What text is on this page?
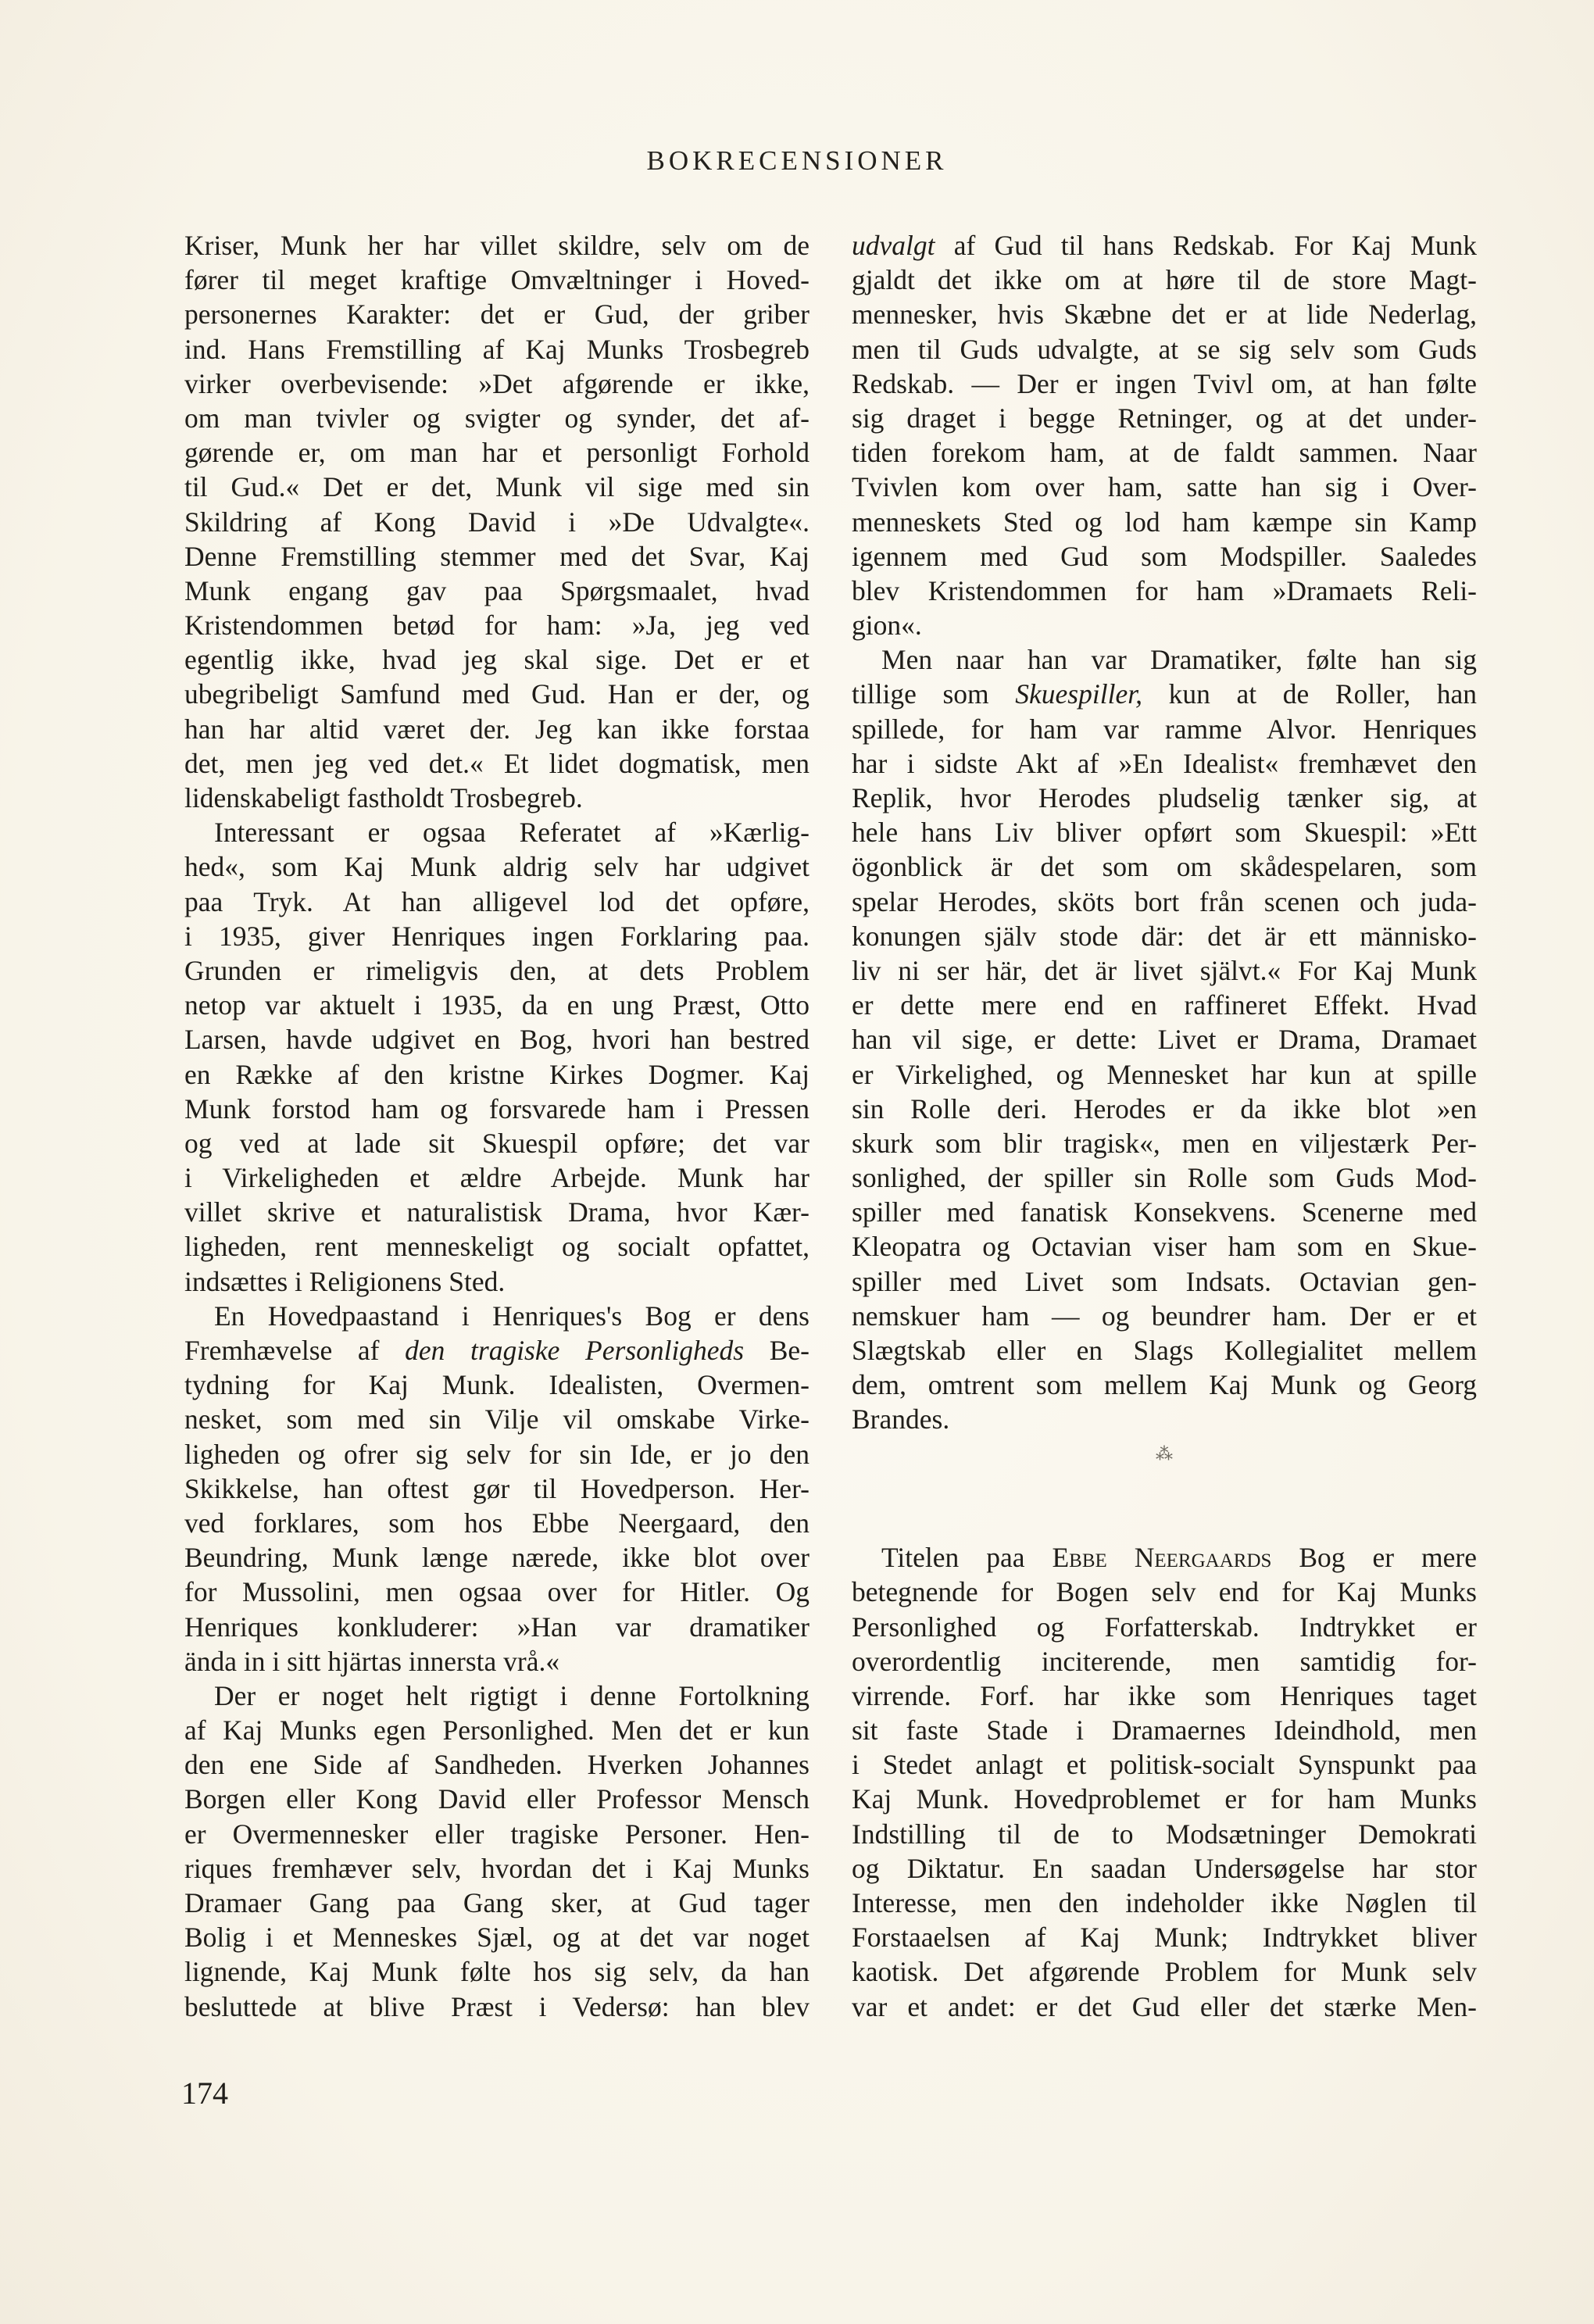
BOKRECENSIONER
Kriser, Munk her har villet skildre, selv om de
fører til meget kraftige Omvæltninger i Hoved-
personernes Karakter: det er Gud, der griber
ind. Hans Fremstilling af Kaj Munks Trosbegreb
virker overbevisende: »Det afgørende er ikke,
om man tvivler og svigter og synder, det af-
gørende er, om man har et personligt Forhold
til Gud.« Det er det, Munk vil sige med sin
Skildring af Kong David i »De Udvalgte«.
Denne Fremstilling stemmer med det Svar, Kaj
Munk engang gav paa Spørgsmaalet, hvad
Kristendommen betød for ham: »Ja, jeg ved
egentlig ikke, hvad jeg skal sige. Det er et
ubegribeligt Samfund med Gud. Han er der, og
han har altid været der. Jeg kan ikke forstaa
det, men jeg ved det.« Et lidet dogmatisk, men
lidenskabeligt fastholdt Trosbegreb.
Interessant er ogsaa Referatet af »Kærlig-
hed«, som Kaj Munk aldrig selv har udgivet
paa Tryk. At han alligevel lod det opføre,
i 1935, giver Henriques ingen Forklaring paa.
Grunden er rimeligvis den, at dets Problem
netop var aktuelt i 1935, da en ung Præst, Otto
Larsen, havde udgivet en Bog, hvori han bestred
en Række af den kristne Kirkes Dogmer. Kaj
Munk forstod ham og forsvarede ham i Pressen
og ved at lade sit Skuespil opføre; det var
i Virkeligheden et ældre Arbejde. Munk har
villet skrive et naturalistisk Drama, hvor Kær-
ligheden, rent menneskeligt og socialt opfattet,
indsættes i Religionens Sted.
En Hovedpaastand i Henriques's Bog er dens
Fremhævelse af den tragiske Personligheds Be-
tydning for Kaj Munk. Idealisten, Overmen-
nesket, som med sin Vilje vil omskabe Virke-
ligheden og ofrer sig selv for sin Ide, er jo den
Skikkelse, han oftest gør til Hovedperson. Her-
ved forklares, som hos Ebbe Neergaard, den
Beundring, Munk længe nærede, ikke blot over
for Mussolini, men ogsaa over for Hitler. Og
Henriques konkluderer: »Han var dramatiker
ända in i sitt hjärtas innersta vrå.«
Der er noget helt rigtigt i denne Fortolkning
af Kaj Munks egen Personlighed. Men det er kun
den ene Side af Sandheden. Hverken Johannes
Borgen eller Kong David eller Professor Mensch
er Overmennesker eller tragiske Personer. Hen-
riques fremhæver selv, hvordan det i Kaj Munks
Dramaer Gang paa Gang sker, at Gud tager
Bolig i et Menneskes Sjæl, og at det var noget
lignende, Kaj Munk følte hos sig selv, da han
besluttede at blive Præst i Vedersø: han blev
udvalgt af Gud til hans Redskab. For Kaj Munk
gjaldt det ikke om at høre til de store Magt-
mennesker, hvis Skæbne det er at lide Nederlag,
men til Guds udvalgte, at se sig selv som Guds
Redskab. — Der er ingen Tvivl om, at han følte
sig draget i begge Retninger, og at det under-
tiden forekom ham, at de faldt sammen. Naar
Tvivlen kom over ham, satte han sig i Over-
menneskets Sted og lod ham kæmpe sin Kamp
igennem med Gud som Modspiller. Saaledes
blev Kristendommen for ham »Dramaets Reli-
gion«.
Men naar han var Dramatiker, følte han sig
tillige som Skuespiller, kun at de Roller, han
spillede, for ham var ramme Alvor. Henriques
har i sidste Akt af »En Idealist« fremhævet den
Replik, hvor Herodes pludselig tænker sig, at
hele hans Liv bliver opført som Skuespil: »Ett
ögonblick är det som om skådespelaren, som
spelar Herodes, sköts bort från scenen och juda-
konungen själv stode där: det är ett människo-
liv ni ser här, det är livet självt.« For Kaj Munk
er dette mere end en raffineret Effekt. Hvad
han vil sige, er dette: Livet er Drama, Dramaet
er Virkelighed, og Mennesket har kun at spille
sin Rolle deri. Herodes er da ikke blot »en
skurk som blir tragisk«, men en viljestærk Per-
sonlighed, der spiller sin Rolle som Guds Mod-
spiller med fanatisk Konsekvens. Scenerne med
Kleopatra og Octavian viser ham som en Skue-
spiller med Livet som Indsats. Octavian gen-
nemskuer ham — og beundrer ham. Der er et
Slægtskab eller en Slags Kollegialitet mellem
dem, omtrent som mellem Kaj Munk og Georg
Brandes.
⁂
Titelen paa Ebbe Neergaards Bog er mere
betegnende for Bogen selv end for Kaj Munks
Personlighed og Forfatterskab. Indtrykket er
overordentlig inciterende, men samtidig for-
virrende. Forf. har ikke som Henriques taget
sit faste Stade i Dramaernes Ideindhold, men
i Stedet anlagt et politisk-socialt Synspunkt paa
Kaj Munk. Hovedproblemet er for ham Munks
Indstilling til de to Modsætninger Demokrati
og Diktatur. En saadan Undersøgelse har stor
Interesse, men den indeholder ikke Nøglen til
Forstaaelsen af Kaj Munk; Indtrykket bliver
kaotisk. Det afgørende Problem for Munk selv
var et andet: er det Gud eller det stærke Men-
174
